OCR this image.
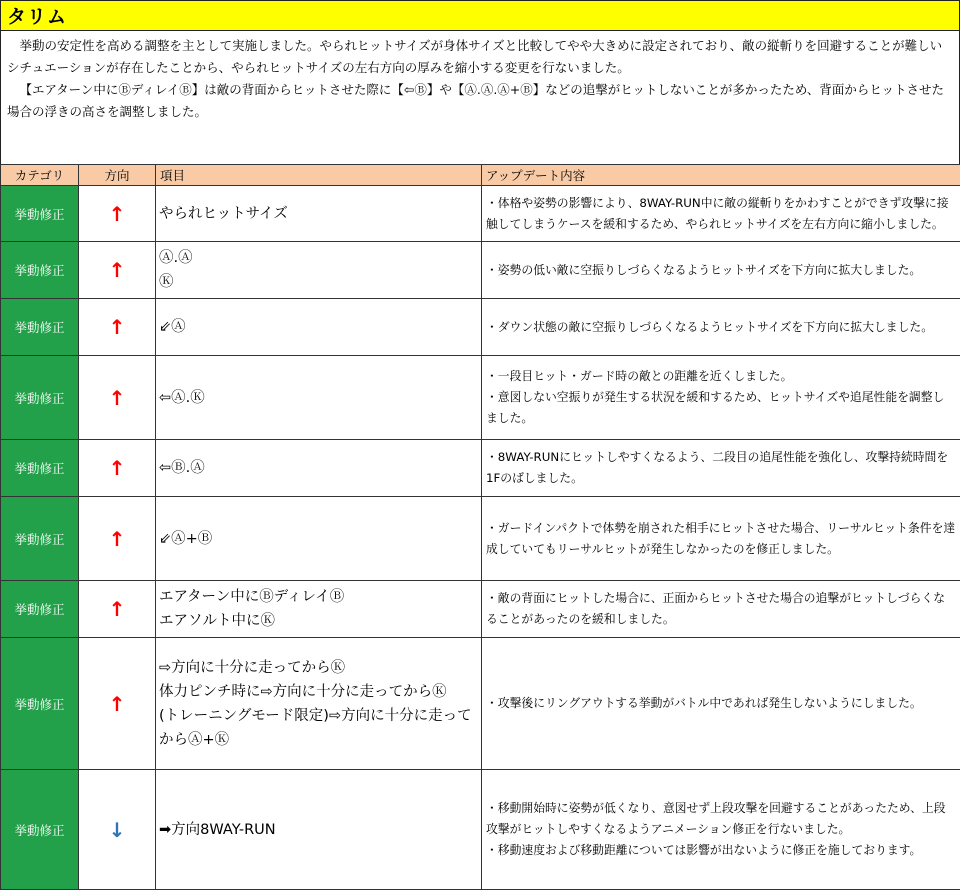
タリム

挙動の安定性を高める調整を主として実施しました。やられヒットサイズが身体サイズと比較してやや大きめに設定されており、敵の縦斬りを回避することが難しいシチュエーションが存在したことから、やられヒットサイズの左右方向の厚みを縮小する変更を行ないました。

【エアターン中にⒷディレイⒷ】は敵の背面からヒットさせた際に【⇦Ⓑ】や【Ⓐ.Ⓐ.Ⓐ+Ⓑ】などの追撃がヒットしないことが多かったため、背面からヒットさせた場合の浮きの高さを調整しました。

カテゴリ	方向	項目	アップデート内容
挙動修正	↑	やられヒットサイズ	・体格や姿勢の影響により、8WAY-RUN中に敵の縦斬りをかわすことができず攻撃に接触してしまうケースを緩和するため、やられヒットサイズを左右方向に縮小しました。
挙動修正	↑	Ⓐ.Ⓐ
Ⓚ	・姿勢の低い敵に空振りしづらくなるようヒットサイズを下方向に拡大しました。
挙動修正	↑	⇙Ⓐ	・ダウン状態の敵に空振りしづらくなるようヒットサイズを下方向に拡大しました。
挙動修正	↑	⇦Ⓐ.Ⓚ	・一段目ヒット・ガード時の敵との距離を近くしました。
・意図しない空振りが発生する状況を緩和するため、ヒットサイズや追尾性能を調整しました。
挙動修正	↑	⇦Ⓑ.Ⓐ	・8WAY-RUNにヒットしやすくなるよう、二段目の追尾性能を強化し、攻撃持続時間を1Fのばしました。
挙動修正	↑	⇙Ⓐ+Ⓑ	・ガードインパクトで体勢を崩された相手にヒットさせた場合、リーサルヒット条件を達成していてもリーサルヒットが発生しなかったのを修正しました。
挙動修正	↑	エアターン中にⒷディレイⒷ
エアソルト中にⓀ	・敵の背面にヒットした場合に、正面からヒットさせた場合の追撃がヒットしづらくなることがあったのを緩和しました。
挙動修正	↑	⇨方向に十分に走ってからⓀ
体力ピンチ時に⇨方向に十分に走ってからⓀ
(トレーニングモード限定)⇨方向に十分に走ってからⒶ+Ⓚ	・攻撃後にリングアウトする挙動がバトル中であれば発生しないようにしました。
挙動修正	↓	➡方向8WAY-RUN	・移動開始時に姿勢が低くなり、意図せず上段攻撃を回避することがあったため、上段攻撃がヒットしやすくなるようアニメーション修正を行ないました。
・移動速度および移動距離については影響が出ないように修正を施しております。
